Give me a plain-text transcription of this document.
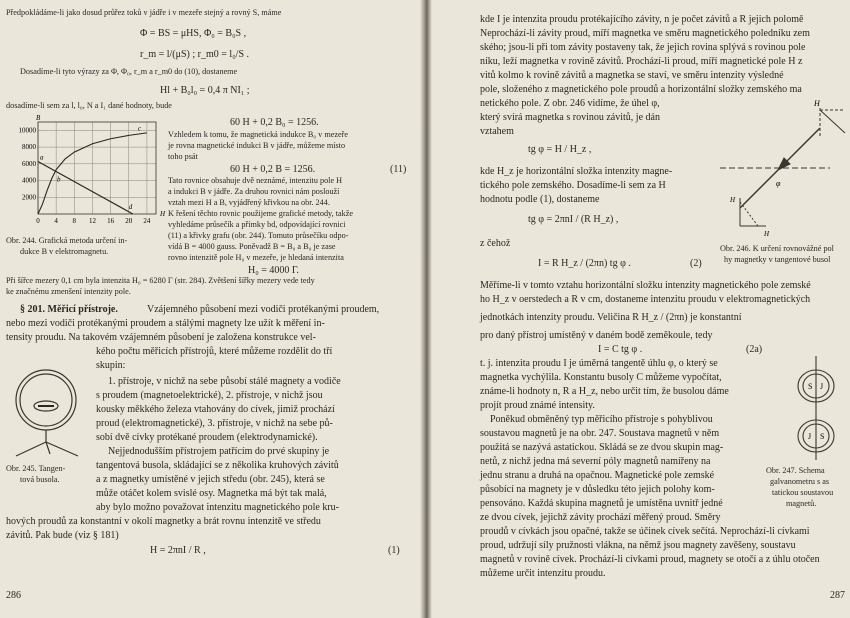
Předpokládáme-li jako dosud průřez toků v jádře i v mezeře stejný a rovný S, máme
Φ = BS = μHS, Φ₀ = B₀S ,
r_m = l/(μS) ; r_m0 = l₀/S .
Dosadíme-li tyto výrazy za Φ, Φ₀, r_m a r_m0 do (10), dostaneme
Hl + B₀l₀ = 0,4 π NI₁ ;
dosadíme-li sem za l, l₀, N a I₁ dané hodnoty, bude
60 H + 0,2 B₀ = 1256.
Vzhledem k tomu, že magnetická indukce B₀ v mezeře
je rovna magnetické indukci B v jádře, můžeme místo
toho psát
60 H + 0,2 B = 1256.	(11)
Tato rovnice obsahuje dvě neznámé, intenzitu pole H
a indukci B v jádře. Za druhou rovnici nám poslouží
vztah mezi H a B, vyjádřený křivkou na obr. 244.
K řešení těchto rovnic použijeme grafické metody, takže
vyhledáme průsečík a přímky bd, odpovídající rovnici
(11) a křivky grafu (obr. 244). Tomuto průsečíku odpo-
vídá B = 4000 gauss. Poněvadž B = B₀ a B₀ je zase
rovno intenzitě pole H₀ v mezeře, je hledaná intenzita
H₀ = 4000 Γ.
Obr. 244. Grafická metoda určení in-
dukce B v elektromagnetu.
Při šířce mezery 0,1 cm byla intenzita H₀ = 6280 Γ (str. 284). Zvětšení šířky mezery vede tedy
ke značnému zmenšení intenzity pole.
§ 201. Měřicí přístroje.	Vzájemného působení mezi vodiči protékanými proudem,
nebo mezi vodiči protékanými proudem a stálými magnety lze užít k měření in-
tensity proudu. Na takovém vzájemném působení je založena konstrukce vel-
kého počtu měřicích přístrojů, které můžeme rozdělit do tří
skupin:
1. přístroje, v nichž na sebe působí stálé magnety a vodiče
s proudem (magnetoelektrické), 2. přístroje, v nichž jsou
kousky měkkého železa vtahovány do cívek, jimiž prochází
proud (elektromagnetické), 3. přístroje, v nichž na sebe pů-
sobí dvě cívky protékané proudem (elektrodynamické).
Nejjednodušším přístrojem patřícím do prvé skupiny je
tangentová busola, skládající se z několika kruhových závitů
a z magnetky umístěné v jejich středu (obr. 245), která se
může otáčet kolem svislé osy. Magnetka má být tak malá,
aby bylo možno považovat intenzitu magnetického pole kru-
hových proudů za konstantní v okolí magnetky a brát rovnu intenzitě ve středu
závitů. Pak bude (viz § 181)
Obr. 245. Tangen-
tová busola.
H = 2πnI / R ,	(1)
kde I je intenzita proudu protékajícího závity, n je počet závitů a R jejich polomě
Neprochází-li závity proud, míří magnetka ve směru magnetického poledníku zem
ského; jsou-li při tom závity postaveny tak, že jejich rovina splývá s rovinou pole
níku, leží magnetka v rovině závitů. Prochází-li proud, míří magnetické pole H z
vitů kolmo k rovině závitů a magnetka se staví, ve směru intenzity výsledné
pole, složeného z magnetického pole proudů a horizontální složky zemského ma
netického pole. Z obr. 246 vidíme, že úhel φ,
který svírá magnetka s rovinou závitů, je dán
vztahem
tg φ = H / H_z ,
kde H_z je horizontální složka intenzity magne-
tického pole zemského. Dosadíme-li sem za H
hodnotu podle (1), dostaneme
tg φ = 2πnI / (R H_z) ,
z čehož
I = R H_z / (2πn) tg φ .	(2)
Obr. 246. K určení rovnovážné pol
hy magnetky v tangentové busol
Měříme-li v tomto vztahu horizontální složku intenzity magnetického pole zemské
ho H_z v oerstedech a R v cm, dostaneme intenzitu proudu v elektromagnetických
jednotkách intenzity proudu. Veličina R H_z / (2πn) je konstantní
pro daný přístroj umístěný v daném bodě zeměkoule, tedy
I = C tg φ .	(2a)
t. j. intenzita proudu I je úměrná tangentě úhlu φ, o který se
magnetka vychýlila. Konstantu busoly C můžeme vypočítat,
známe-li hodnoty n, R a H_z, nebo určit tím, že busolou dáme
projít proud známé intensity.
Poněkud obměněný typ měřicího přístroje s pohyblivou
soustavou magnetů je na obr. 247. Soustava magnetů v něm
použitá se nazývá astatickou. Skládá se ze dvou skupin mag-
netů, z nichž jedna má severní póly magnetů namířeny na
jednu stranu a druhá na opačnou. Magnetické pole zemské
působící na magnety je v důsledku této jejich polohy kom-
pensováno. Každá skupina magnetů je umístěna uvnitř jedné
ze dvou cívek, jejichž závity prochází měřený proud. Směry
proudů v cívkách jsou opačné, takže se účinek cívek sečítá. Neprochází-li cívkami
proud, udržují síly pružnosti vlákna, na němž jsou magnety zavěšeny, soustavu
magnetů v rovině cívek. Prochází-li cívkami proud, magnety se otočí a z úhlu otočen
můžeme určit intenzitu proudu.
Obr. 247. Schema
galvanometru s as
tatickou soustavou
magnetů.
0 4 8 12 16 20 24
2000
4000
6000
8000
10000
H
B
a
b
c
d
H
φ
H
H
S J
J S
286	287
